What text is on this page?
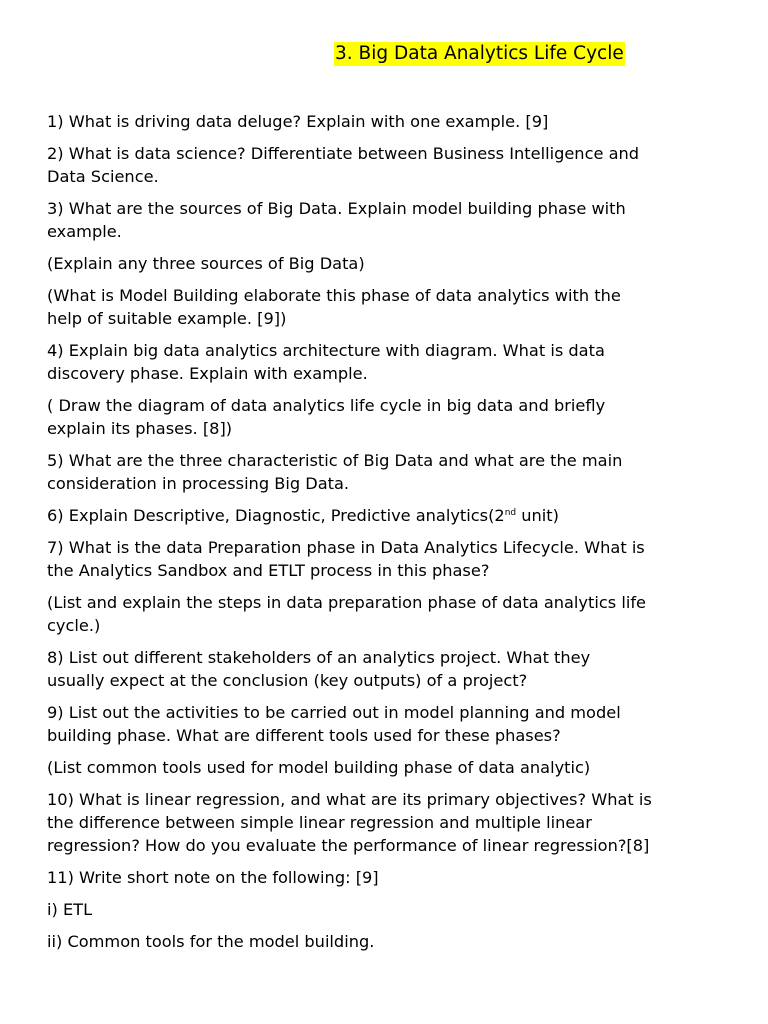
3. Big Data Analytics Life Cycle

1) What is driving data deluge? Explain with one example. [9]

2) What is data science? Differentiate between Business Intelligence and
Data Science.

3) What are the sources of Big Data. Explain model building phase with
example.

(Explain any three sources of Big Data)

(What is Model Building elaborate this phase of data analytics with the
help of suitable example. [9])

4) Explain big data analytics architecture with diagram. What is data
discovery phase. Explain with example.

( Draw the diagram of data analytics life cycle in big data and briefly
explain its phases. [8])

5) What are the three characteristic of Big Data and what are the main
consideration in processing Big Data.

6) Explain Descriptive, Diagnostic, Predictive analytics(2nd unit)

7) What is the data Preparation phase in Data Analytics Lifecycle. What is
the Analytics Sandbox and ETLT process in this phase?

(List and explain the steps in data preparation phase of data analytics life
cycle.)

8) List out different stakeholders of an analytics project. What they
usually expect at the conclusion (key outputs) of a project?

9) List out the activities to be carried out in model planning and model
building phase. What are different tools used for these phases?

(List common tools used for model building phase of data analytic)

10) What is linear regression, and what are its primary objectives? What is
the difference between simple linear regression and multiple linear
regression? How do you evaluate the performance of linear regression?[8]

11) Write short note on the following: [9]

i) ETL

ii) Common tools for the model building.
